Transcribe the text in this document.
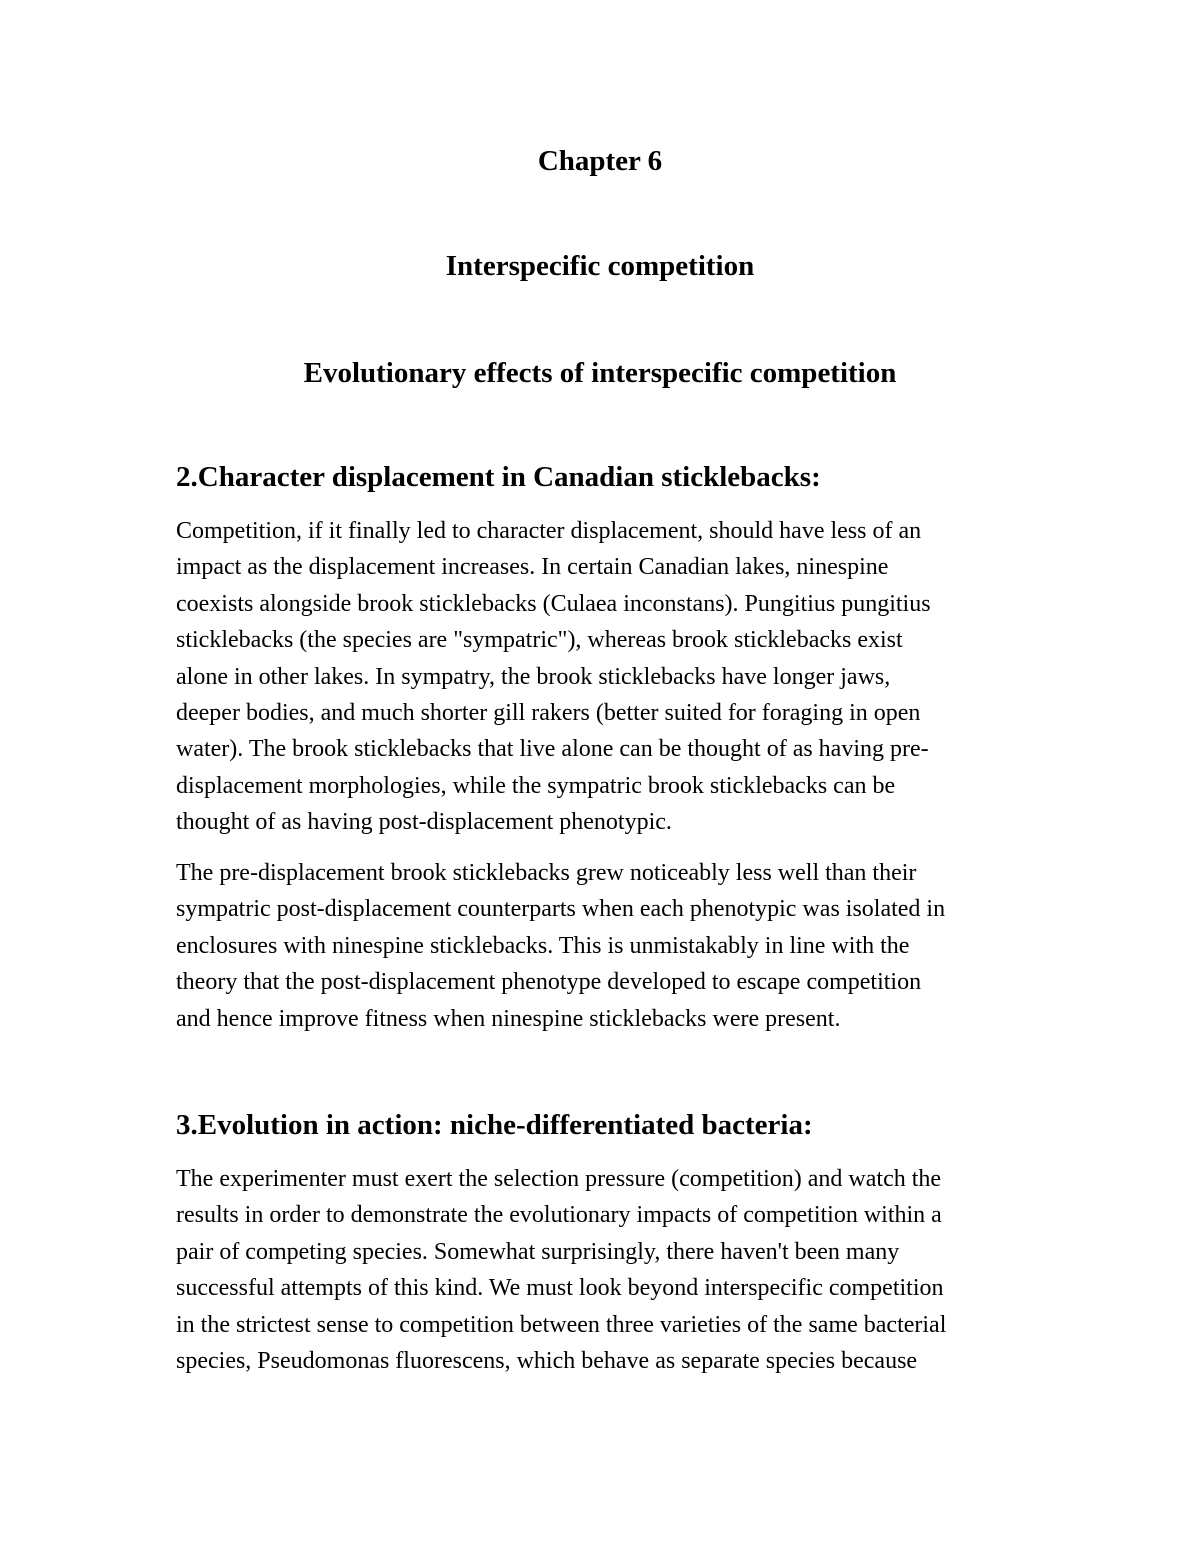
Chapter 6
Interspecific competition
Evolutionary effects of interspecific competition
2.Character displacement in Canadian sticklebacks:

Competition, if it finally led to character displacement, should have less of an
impact as the displacement increases. In certain Canadian lakes, ninespine
coexists alongside brook sticklebacks (Culaea inconstans). Pungitius pungitius
sticklebacks (the species are "sympatric"), whereas brook sticklebacks exist
alone in other lakes. In sympatry, the brook sticklebacks have longer jaws,
deeper bodies, and much shorter gill rakers (better suited for foraging in open
water). The brook sticklebacks that live alone can be thought of as having pre-
displacement morphologies, while the sympatric brook sticklebacks can be
thought of as having post-displacement phenotypic.

The pre-displacement brook sticklebacks grew noticeably less well than their
sympatric post-displacement counterparts when each phenotypic was isolated in
enclosures with ninespine sticklebacks. This is unmistakably in line with the
theory that the post-displacement phenotype developed to escape competition
and hence improve fitness when ninespine sticklebacks were present.

3.Evolution in action: niche-differentiated bacteria:

The experimenter must exert the selection pressure (competition) and watch the
results in order to demonstrate the evolutionary impacts of competition within a
pair of competing species. Somewhat surprisingly, there haven't been many
successful attempts of this kind. We must look beyond interspecific competition
in the strictest sense to competition between three varieties of the same bacterial
species, Pseudomonas fluorescens, which behave as separate species because
